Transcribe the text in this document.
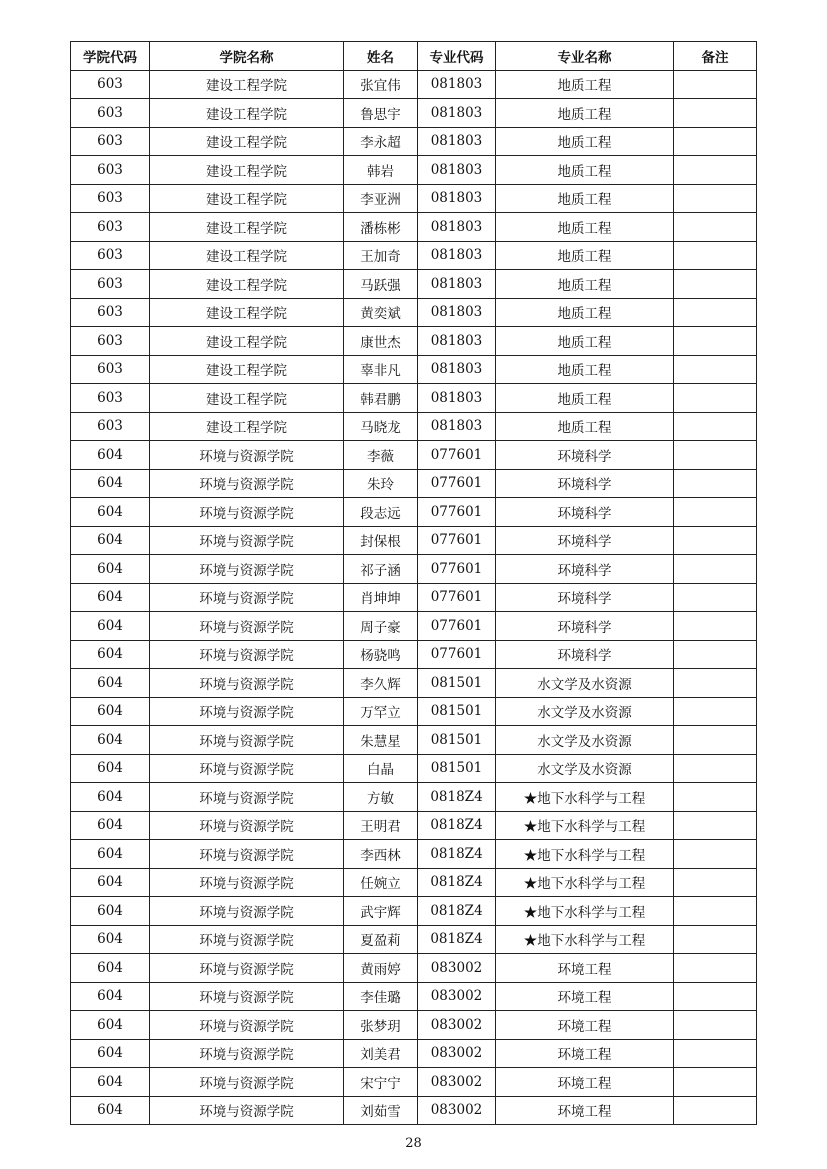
学院代码	学院名称	姓名	专业代码	专业名称	备注
603	建设工程学院	张宜伟	081803	地质工程	
603	建设工程学院	鲁思宇	081803	地质工程	
603	建设工程学院	李永超	081803	地质工程	
603	建设工程学院	韩岩	081803	地质工程	
603	建设工程学院	李亚洲	081803	地质工程	
603	建设工程学院	潘栋彬	081803	地质工程	
603	建设工程学院	王加奇	081803	地质工程	
603	建设工程学院	马跃强	081803	地质工程	
603	建设工程学院	黄奕斌	081803	地质工程	
603	建设工程学院	康世杰	081803	地质工程	
603	建设工程学院	辜非凡	081803	地质工程	
603	建设工程学院	韩君鹏	081803	地质工程	
603	建设工程学院	马晓龙	081803	地质工程	
604	环境与资源学院	李薇	077601	环境科学	
604	环境与资源学院	朱玲	077601	环境科学	
604	环境与资源学院	段志远	077601	环境科学	
604	环境与资源学院	封保根	077601	环境科学	
604	环境与资源学院	祁子涵	077601	环境科学	
604	环境与资源学院	肖坤坤	077601	环境科学	
604	环境与资源学院	周子豪	077601	环境科学	
604	环境与资源学院	杨骁鸣	077601	环境科学	
604	环境与资源学院	李久辉	081501	水文学及水资源	
604	环境与资源学院	万罕立	081501	水文学及水资源	
604	环境与资源学院	朱慧星	081501	水文学及水资源	
604	环境与资源学院	白晶	081501	水文学及水资源	
604	环境与资源学院	方敏	0818Z4	★地下水科学与工程	
604	环境与资源学院	王明君	0818Z4	★地下水科学与工程	
604	环境与资源学院	李西林	0818Z4	★地下水科学与工程	
604	环境与资源学院	任婉立	0818Z4	★地下水科学与工程	
604	环境与资源学院	武宇辉	0818Z4	★地下水科学与工程	
604	环境与资源学院	夏盈莉	0818Z4	★地下水科学与工程	
604	环境与资源学院	黄雨婷	083002	环境工程	
604	环境与资源学院	李佳璐	083002	环境工程	
604	环境与资源学院	张梦玥	083002	环境工程	
604	环境与资源学院	刘美君	083002	环境工程	
604	环境与资源学院	宋宁宁	083002	环境工程	
604	环境与资源学院	刘茹雪	083002	环境工程	
28
